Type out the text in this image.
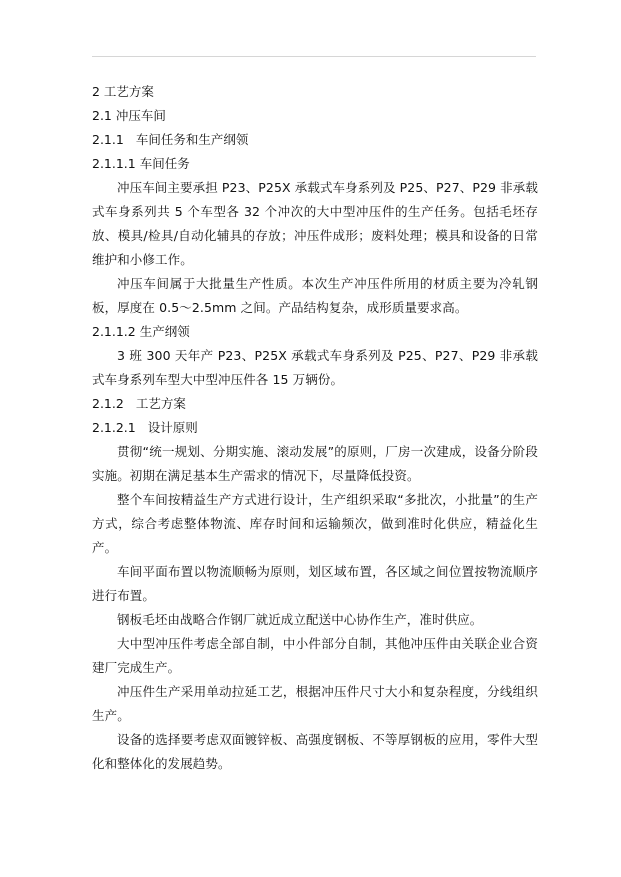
2 工艺方案
2.1 冲压车间
2.1.1 车间任务和生产纲领
2.1.1.1 车间任务

冲压车间主要承担 P23、P25X 承载式车身系列及 P25、P27、P29 非承载式车身系列共 5 个车型各 32 个冲次的大中型冲压件的生产任务。包括毛坯存放、模具/检具/自动化辅具的存放；冲压件成形；废料处理；模具和设备的日常维护和小修工作。

冲压车间属于大批量生产性质。本次生产冲压件所用的材质主要为冷轧钢板，厚度在 0.5～2.5mm 之间。产品结构复杂，成形质量要求高。

2.1.1.2 生产纲领

3 班 300 天年产 P23、P25X 承载式车身系列及 P25、P27、P29 非承载式车身系列车型大中型冲压件各 15 万辆份。

2.1.2 工艺方案
2.1.2.1 设计原则

贯彻“统一规划、分期实施、滚动发展”的原则，厂房一次建成，设备分阶段实施。初期在满足基本生产需求的情况下，尽量降低投资。

整个车间按精益生产方式进行设计，生产组织采取“多批次，小批量”的生产方式，综合考虑整体物流、库存时间和运输频次，做到准时化供应，精益化生产。

车间平面布置以物流顺畅为原则，划区域布置，各区域之间位置按物流顺序进行布置。

钢板毛坯由战略合作钢厂就近成立配送中心协作生产，准时供应。

大中型冲压件考虑全部自制，中小件部分自制，其他冲压件由关联企业合资建厂完成生产。

冲压件生产采用单动拉延工艺，根据冲压件尺寸大小和复杂程度，分线组织生产。

设备的选择要考虑双面镀锌板、高强度钢板、不等厚钢板的应用，零件大型化和整体化的发展趋势。
